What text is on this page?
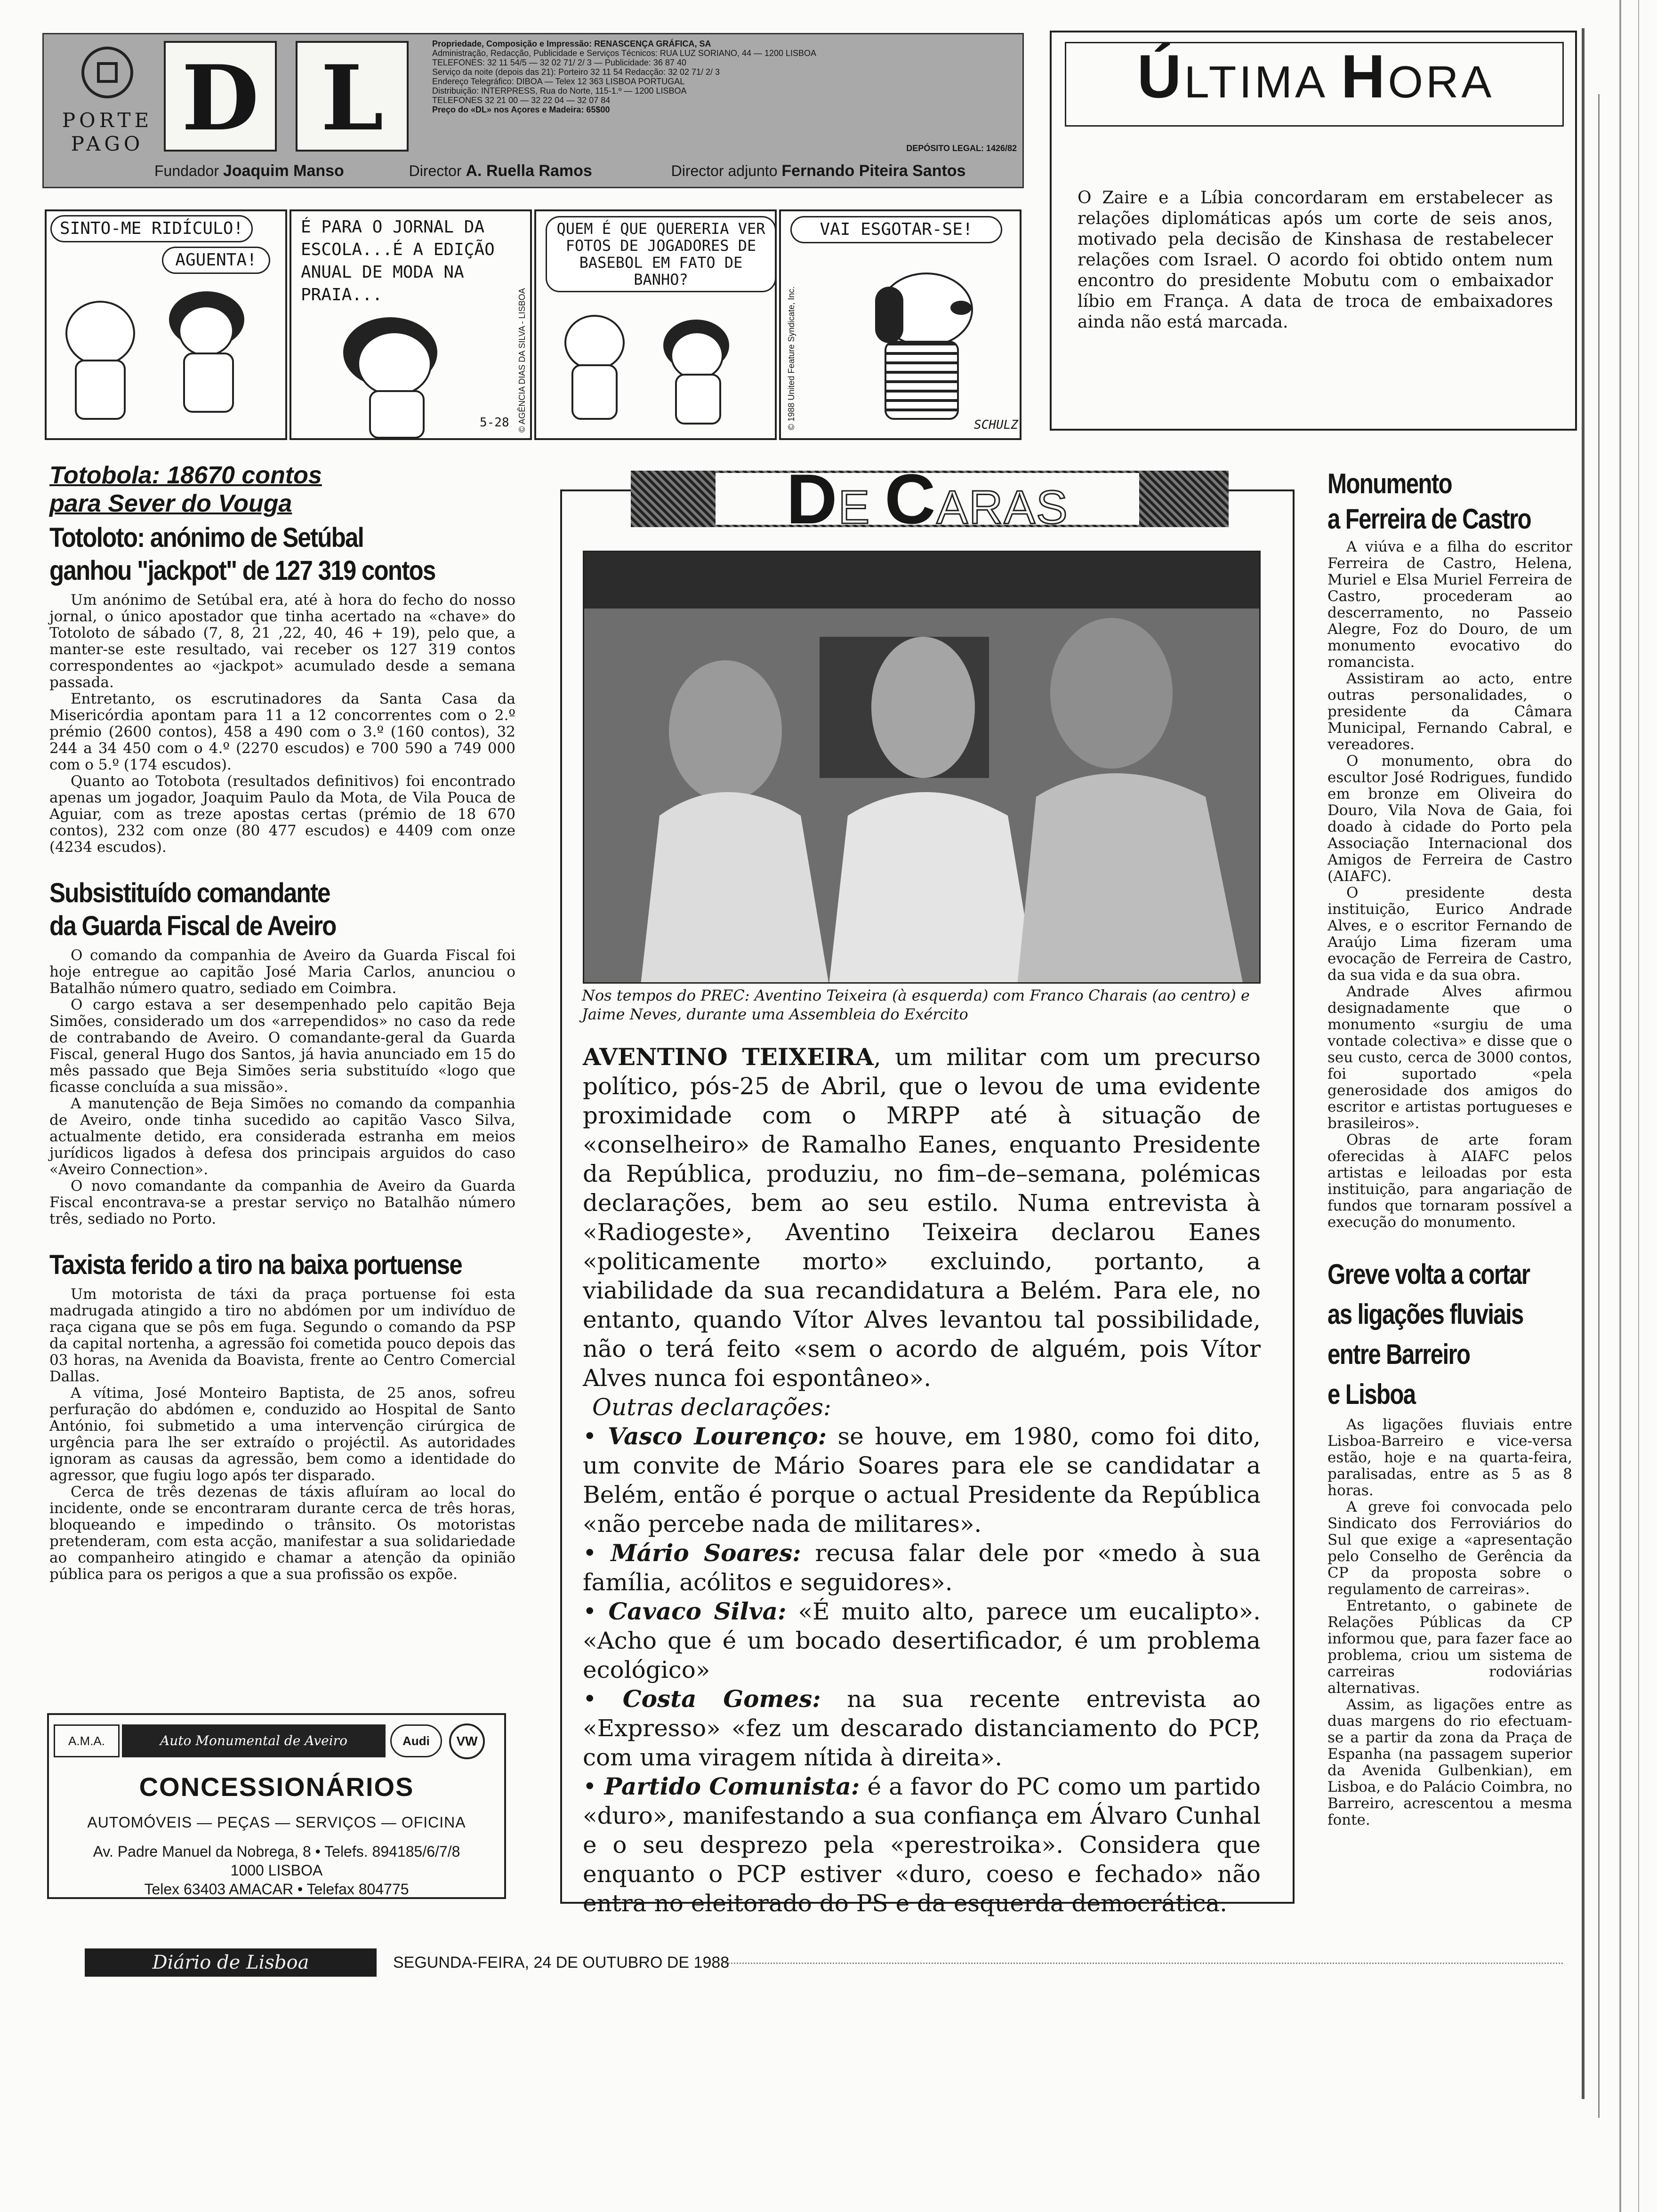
PORTE PAGO D L
Propriedade, Composição e Impressão: RENASCENÇA GRÁFICA, SA
Administração, Redacção, Publicidade e Serviços Técnicos: RUA LUZ SORIANO, 44 — 1200 LISBOA
TELEFONES: 32 11 54/5 — 32 02 71/ 2/ 3 — Publicidade: 36 87 40
Serviço da noite (depois das 21): Porteiro 32 11 54 Redacção: 32 02 71/ 2/ 3
Endereço Telegráfico: DIBOA — Telex 12 363 LISBOA PORTUGAL
Distribuição: INTERPRESS, Rua do Norte, 115-1.º — 1200 LISBOA
TELEFONES 32 21 00 — 32 22 04 — 32 07 84
Preço do «DL» nos Açores e Madeira: 65$00
DEPÓSITO LEGAL: 1426/82
Fundador Joaquim Manso	Director A. Ruella Ramos	Director adjunto Fernando Piteira Santos
ÚLTIMA HORA
O Zaire e a Líbia concordaram em erstabelecer as relações diplomáticas após um corte de seis anos, motivado pela decisão de Kinshasa de restabelecer relações com Israel. O acordo foi obtido ontem num encontro do presidente Mobutu com o embaixador líbio em França. A data de troca de embaixadores ainda não está marcada.
SINTO-ME RIDÍCULO!
AGUENTA!
É PARA O JORNAL DA ESCOLA...É A EDIÇÃO ANUAL DE MODA NA PRAIA...	© AGÊNCIA DIAS DA SILVA - LISBOA
5-28
QUEM É QUE QUERERIA VER FOTOS DE JOGADORES DE BASEBOL EM FATO DE BANHO?
VAI ESGOTAR-SE!
© 1988 United Feature Syndicate, Inc.	SCHULZ
Totobola: 18670 contos
para Sever do Vouga
Totoloto: anónimo de Setúbal
ganhou "jackpot" de 127 319 contos

Um anónimo de Setúbal era, até à hora do fecho do nosso jornal, o único apostador que tinha acertado na «chave» do Totoloto de sábado (7, 8, 21 ,22, 40, 46 + 19), pelo que, a manter-se este resultado, vai receber os 127 319 contos correspondentes ao «jackpot» acumulado desde a semana passada.

Entretanto, os escrutinadores da Santa Casa da Misericórdia apontam para 11 a 12 concorrentes com o 2.º prémio (2600 contos), 458 a 490 com o 3.º (160 contos), 32 244 a 34 450 com o 4.º (2270 escudos) e 700 590 a 749 000 com o 5.º (174 escudos).

Quanto ao Totobota (resultados definitivos) foi encontrado apenas um jogador, Joaquim Paulo da Mota, de Vila Pouca de Aguiar, com as treze apostas certas (prémio de 18 670 contos), 232 com onze (80 477 escudos) e 4409 com onze (4234 escudos).

Subsistituído comandante
da Guarda Fiscal de Aveiro

O comando da companhia de Aveiro da Guarda Fiscal foi hoje entregue ao capitão José Maria Carlos, anunciou o Batalhão número quatro, sediado em Coimbra.

O cargo estava a ser desempenhado pelo capitão Beja Simões, considerado um dos «arrependidos» no caso da rede de contrabando de Aveiro. O comandante-geral da Guarda Fiscal, general Hugo dos Santos, já havia anunciado em 15 do mês passado que Beja Simões seria substituído «logo que ficasse concluída a sua missão».

A manutenção de Beja Simões no comando da companhia de Aveiro, onde tinha sucedido ao capitão Vasco Silva, actualmente detido, era considerada estranha em meios jurídicos ligados à defesa dos principais arguidos do caso «Aveiro Connection».

O novo comandante da companhia de Aveiro da Guarda Fiscal encontrava-se a prestar serviço no Batalhão número três, sediado no Porto.

Taxista ferido a tiro na baixa portuense

Um motorista de táxi da praça portuense foi esta madrugada atingido a tiro no abdómen por um indivíduo de raça cigana que se pôs em fuga. Segundo o comando da PSP da capital nortenha, a agressão foi cometida pouco depois das 03 horas, na Avenida da Boavista, frente ao Centro Comercial Dallas.

A vítima, José Monteiro Baptista, de 25 anos, sofreu perfuração do abdómen e, conduzido ao Hospital de Santo António, foi submetido a uma intervenção cirúrgica de urgência para lhe ser extraído o projéctil. As autoridades ignoram as causas da agressão, bem como a identidade do agressor, que fugiu logo após ter disparado.

Cerca de três dezenas de táxis afluíram ao local do incidente, onde se encontraram durante cerca de três horas, bloqueando e impedindo o trânsito. Os motoristas pretenderam, com esta acção, manifestar a sua solidariedade ao companheiro atingido e chamar a atenção da opinião pública para os perigos a que a sua profissão os expõe.

A.M.A.	Auto Monumental de Aveiro	Audi	VW
CONCESSIONÁRIOS
AUTOMÓVEIS — PEÇAS — SERVIÇOS — OFICINA
Av. Padre Manuel da Nobrega, 8 • Telefs. 894185/6/7/8
1000 LISBOA
Telex 63403 AMACAR • Telefax 804775
Diário de Lisboa	SEGUNDA-FEIRA, 24 DE OUTUBRO DE 1988
DE CARAS
Nos tempos do PREC: Aventino Teixeira (à esquerda) com Franco Charais (ao centro) e Jaime Neves, durante uma Assembleia do Exército

AVENTINO TEIXEIRA, um militar com um precurso político, pós-25 de Abril, que o levou de uma evidente proximidade com o MRPP até à situação de «conselheiro» de Ramalho Eanes, enquanto Presidente da República, produziu, no fim–de–semana, polémicas declarações, bem ao seu estilo. Numa entrevista à «Radiogeste», Aventino Teixeira declarou Eanes «politicamente morto» excluindo, portanto, a viabilidade da sua recandidatura a Belém. Para ele, no entanto, quando Vítor Alves levantou tal possibilidade, não o terá feito «sem o acordo de alguém, pois Vítor Alves nunca foi espontâneo».

Outras declarações:

• Vasco Lourenço: se houve, em 1980, como foi dito, um convite de Mário Soares para ele se candidatar a Belém, então é porque o actual Presidente da República «não percebe nada de militares».

• Mário Soares: recusa falar dele por «medo à sua família, acólitos e seguidores».

• Cavaco Silva: «É muito alto, parece um eucalipto». «Acho que é um bocado desertificador, é um problema ecológico»

• Costa Gomes: na sua recente entrevista ao «Expresso» «fez um descarado distanciamento do PCP, com uma viragem nítida à direita».

• Partido Comunista: é a favor do PC como um partido «duro», manifestando a sua confiança em Álvaro Cunhal e o seu desprezo pela «perestroika». Considera que enquanto o PCP estiver «duro, coeso e fechado» não entra no eleitorado do PS e da esquerda democrática.

Monumento
a Ferreira de Castro

A viúva e a filha do escritor Ferreira de Castro, Helena, Muriel e Elsa Muriel Ferreira de Castro, procederam ao descerramento, no Passeio Alegre, Foz do Douro, de um monumento evocativo do romancista.

Assistiram ao acto, entre outras personalidades, o presidente da Câmara Municipal, Fernando Cabral, e vereadores.

O monumento, obra do escultor José Rodrigues, fundido em bronze em Oliveira do Douro, Vila Nova de Gaia, foi doado à cidade do Porto pela Associação Internacional dos Amigos de Ferreira de Castro (AIAFC).

O presidente desta instituição, Eurico Andrade Alves, e o escritor Fernando de Araújo Lima fizeram uma evocação de Ferreira de Castro, da sua vida e da sua obra.

Andrade Alves afirmou designadamente que o monumento «surgiu de uma vontade colectiva» e disse que o seu custo, cerca de 3000 contos, foi suportado «pela generosidade dos amigos do escritor e artistas portugueses e brasileiros».

Obras de arte foram oferecidas à AIAFC pelos artistas e leiloadas por esta instituição, para angariação de fundos que tornaram possível a execução do monumento.

Greve volta a cortar
as ligações fluviais
entre Barreiro
e Lisboa

As ligações fluviais entre Lisboa-Barreiro e vice-versa estão, hoje e na quarta-feira, paralisadas, entre as 5 as 8 horas.

A greve foi convocada pelo Sindicato dos Ferroviários do Sul que exige a «apresentação pelo Conselho de Gerência da CP da proposta sobre o regulamento de carreiras».

Entretanto, o gabinete de Relações Públicas da CP informou que, para fazer face ao problema, criou um sistema de carreiras rodoviárias alternativas.

Assim, as ligações entre as duas margens do rio efectuam-se a partir da zona da Praça de Espanha (na passagem superior da Avenida Gulbenkian), em Lisboa, e do Palácio Coimbra, no Barreiro, acrescentou a mesma fonte.
